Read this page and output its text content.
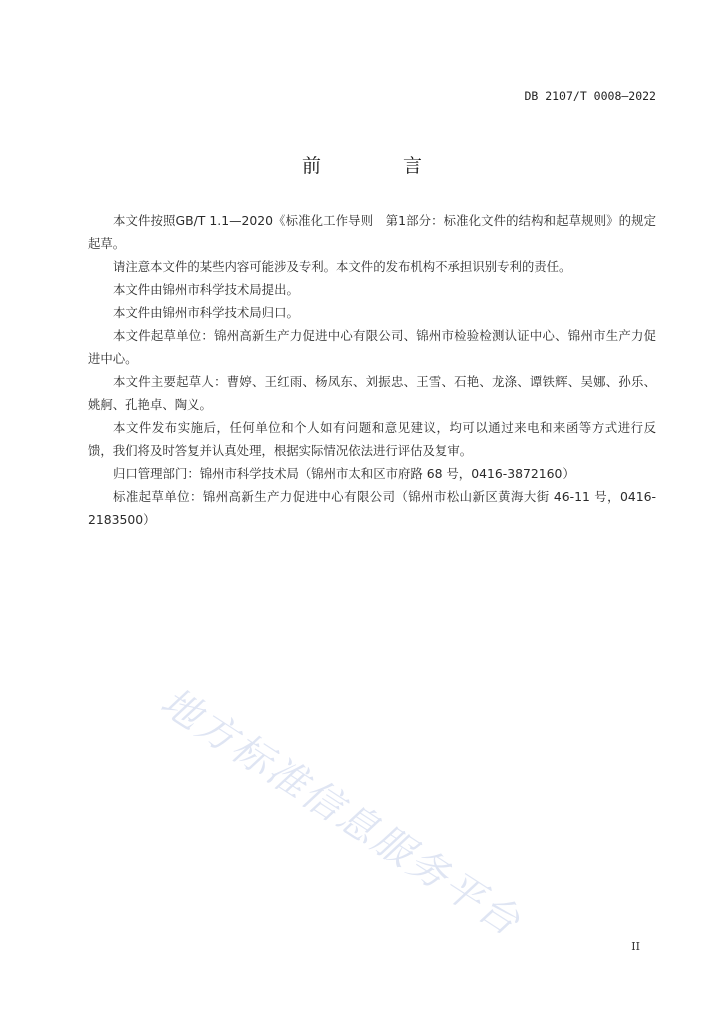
DB 2107/T 0008—2022
前 言

本文件按照GB/T 1.1—2020《标准化工作导则　第1部分：标准化文件的结构和起草规则》的规定起草。

请注意本文件的某些内容可能涉及专利。本文件的发布机构不承担识别专利的责任。

本文件由锦州市科学技术局提出。

本文件由锦州市科学技术局归口。

本文件起草单位：锦州高新生产力促进中心有限公司、锦州市检验检测认证中心、锦州市生产力促进中心。

本文件主要起草人：曹婷、王红雨、杨凤东、刘振忠、王雪、石艳、龙涤、谭铁辉、吴娜、孙乐、姚舸、孔艳卓、陶义。

本文件发布实施后，任何单位和个人如有问题和意见建议，均可以通过来电和来函等方式进行反馈，我们将及时答复并认真处理，根据实际情况依法进行评估及复审。

归口管理部门：锦州市科学技术局（锦州市太和区市府路 68 号，0416-3872160）

标准起草单位：锦州高新生产力促进中心有限公司（锦州市松山新区黄海大街 46-11 号，0416-2183500）

地方标准信息服务平台
II
